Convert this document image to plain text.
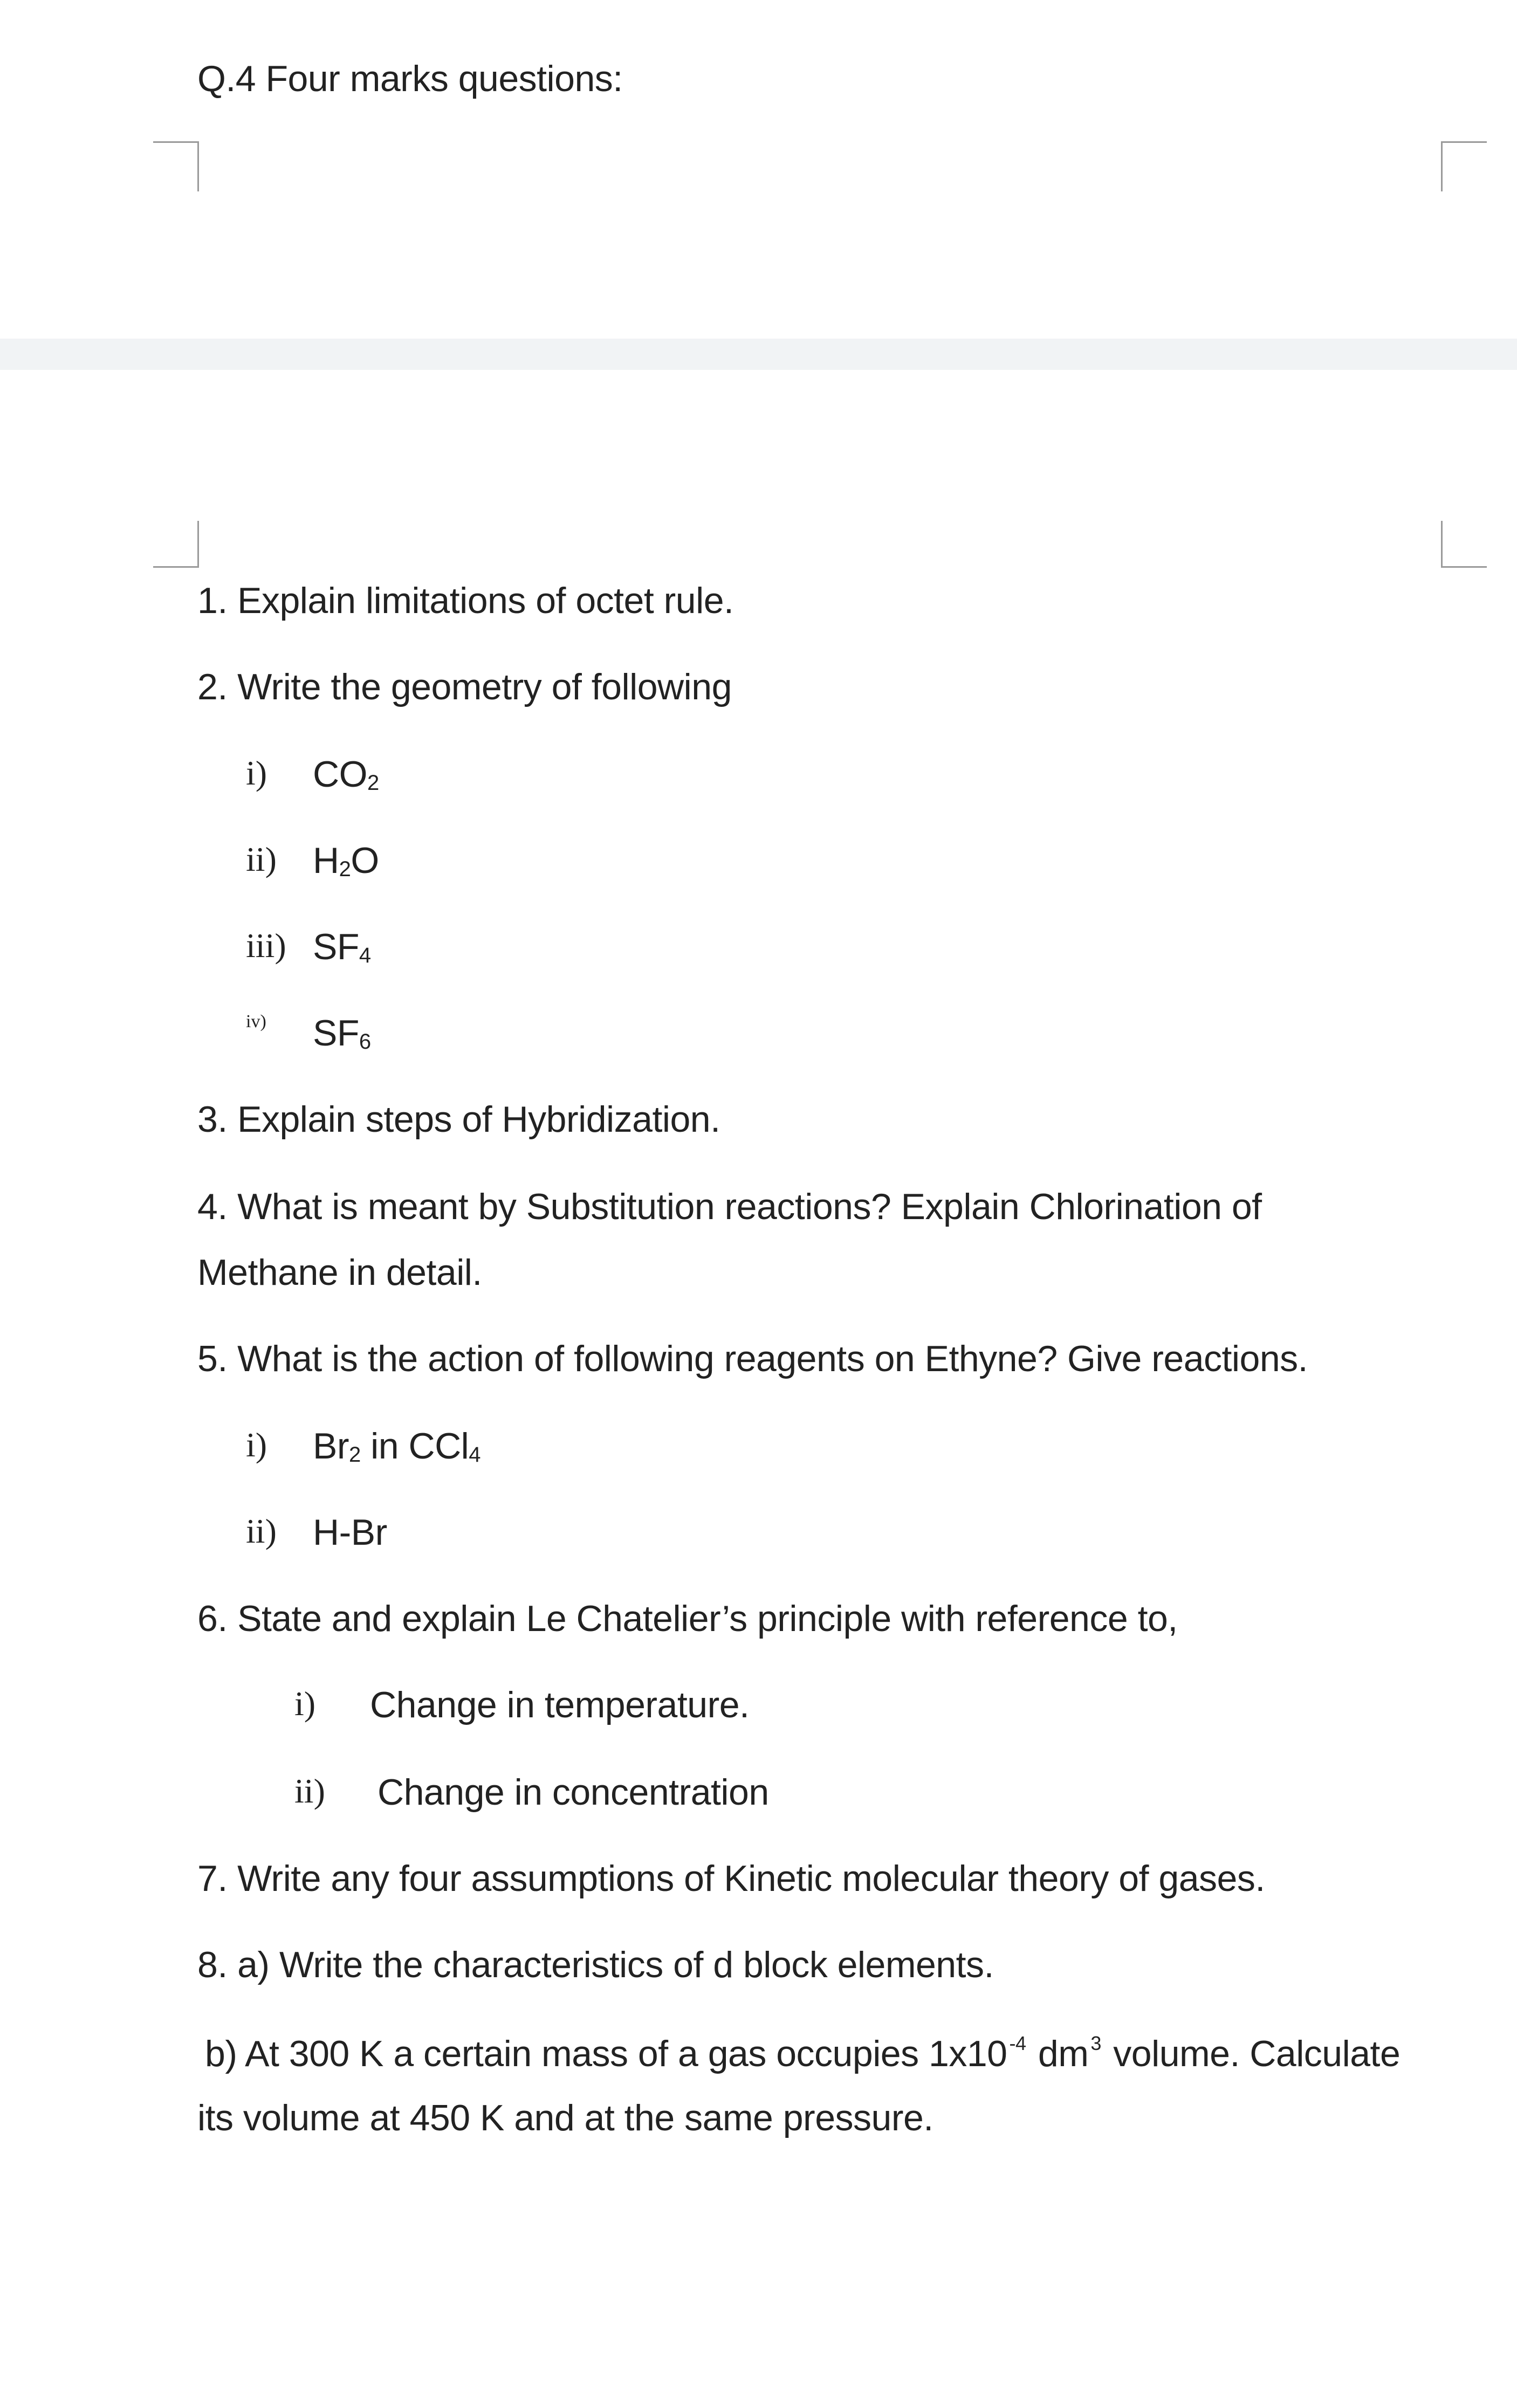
Q.4 Four marks questions:
1. Explain limitations of octet rule.
2. Write the geometry of following
i) CO2
ii) H2O
iii) SF4
iv) SF6
3. Explain steps of Hybridization.
4. What is meant by Substitution reactions? Explain Chlorination of
Methane in detail.
5. What is the action of following reagents on Ethyne? Give reactions.
i) Br2 in CCl4
ii) H-Br
6. State and explain Le Chatelier’s principle with reference to,
i) Change in temperature.
ii) Change in concentration
7. Write any four assumptions of Kinetic molecular theory of gases.
8. a) Write the characteristics of d block elements.
b) At 300 K a certain mass of a gas occupies 1x10 $^{-4}$ dm $^3$ volume. Calculate
its volume at 450 K and at the same pressure.
